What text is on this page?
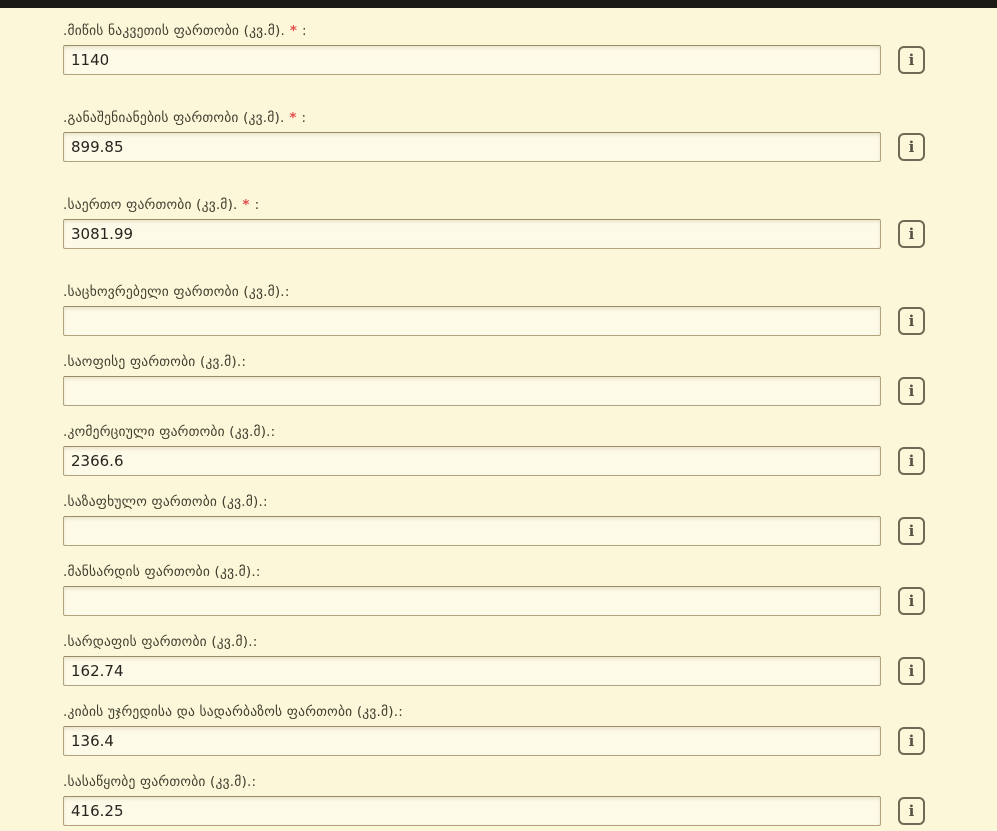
.მიწის ნაკვეთის ფართობი (კვ.მ). * :
1140
i
.განაშენიანების ფართობი (კვ.მ). * :
899.85
i
.საერთო ფართობი (კვ.მ). * :
3081.99
i
.საცხოვრებელი ფართობი (კვ.მ).:
i
.საოფისე ფართობი (კვ.მ).:
i
.კომერციული ფართობი (კვ.მ).:
2366.6
i
.საზაფხულო ფართობი (კვ.მ).:
i
.მანსარდის ფართობი (კვ.მ).:
i
.სარდაფის ფართობი (კვ.მ).:
162.74
i
.კიბის უჯრედისა და სადარბაზოს ფართობი (კვ.მ).:
136.4
i
.სასაწყობე ფართობი (კვ.მ).:
416.25
i
